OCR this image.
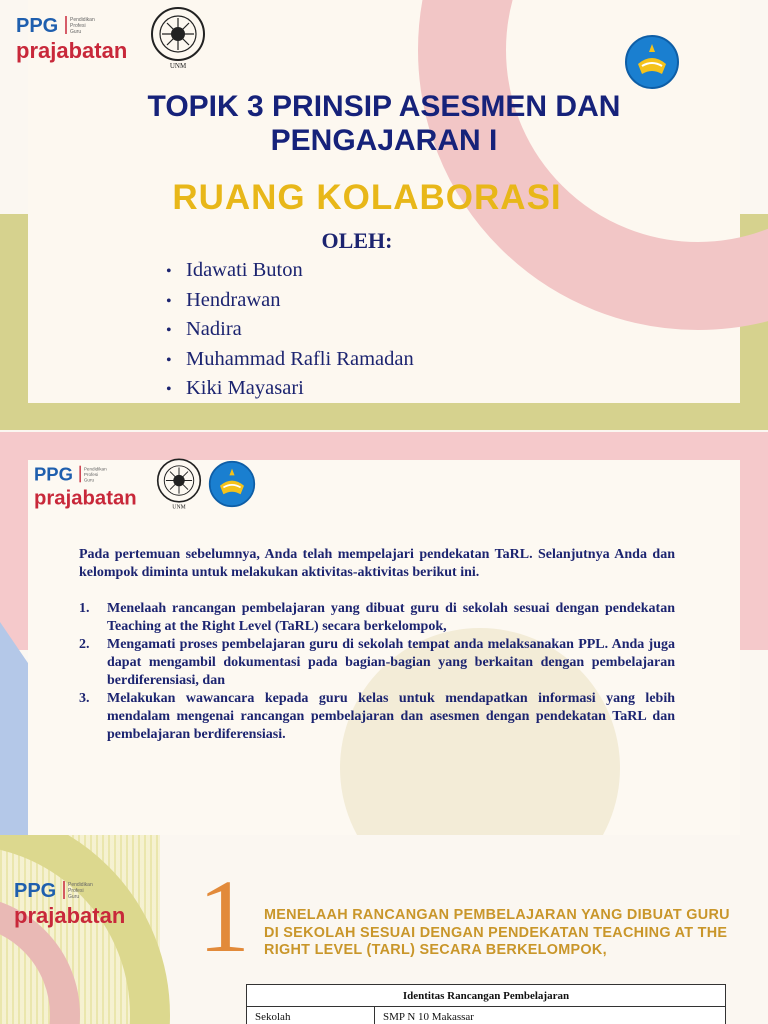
PPG Pendidikan
Profesi
Guru
prajabatan
UNM
TOPIK 3 PRINSIP ASESMEN DAN
PENGAJARAN I
RUANG KOLABORASI
OLEH:
• Idawati Buton
• Hendrawan
• Nadira
• Muhammad Rafli Ramadan
• Kiki Mayasari
PPG Pendidikan
Profesi
Guru
prajabatan	UNM

Pada pertemuan sebelumnya, Anda telah mempelajari pendekatan TaRL. Selanjutnya Anda dan kelompok diminta untuk melakukan aktivitas-aktivitas berikut ini.

1.	Menelaah rancangan pembelajaran yang dibuat guru di sekolah sesuai dengan pendekatan Teaching at the Right Level (TaRL) secara berkelompok,
2.	Mengamati proses pembelajaran guru di sekolah tempat anda melaksanakan PPL. Anda juga dapat mengambil dokumentasi pada bagian-bagian yang berkaitan dengan pembelajaran berdiferensiasi, dan
3.	Melakukan wawancara kepada guru kelas untuk mendapatkan informasi yang lebih mendalam mengenai rancangan pembelajaran dan asesmen dengan pendekatan TaRL dan pembelajaran berdiferensiasi.
PPG Pendidikan
Profesi
Guru
prajabatan 1 MENELAAH RANCANGAN PEMBELAJARAN YANG DIBUAT GURU DI SEKOLAH SESUAI DENGAN PENDEKATAN TEACHING AT THE RIGHT LEVEL (TARL) SECARA BERKELOMPOK,
Identitas Rancangan Pembelajaran
Sekolah	SMP N 10 Makassar
